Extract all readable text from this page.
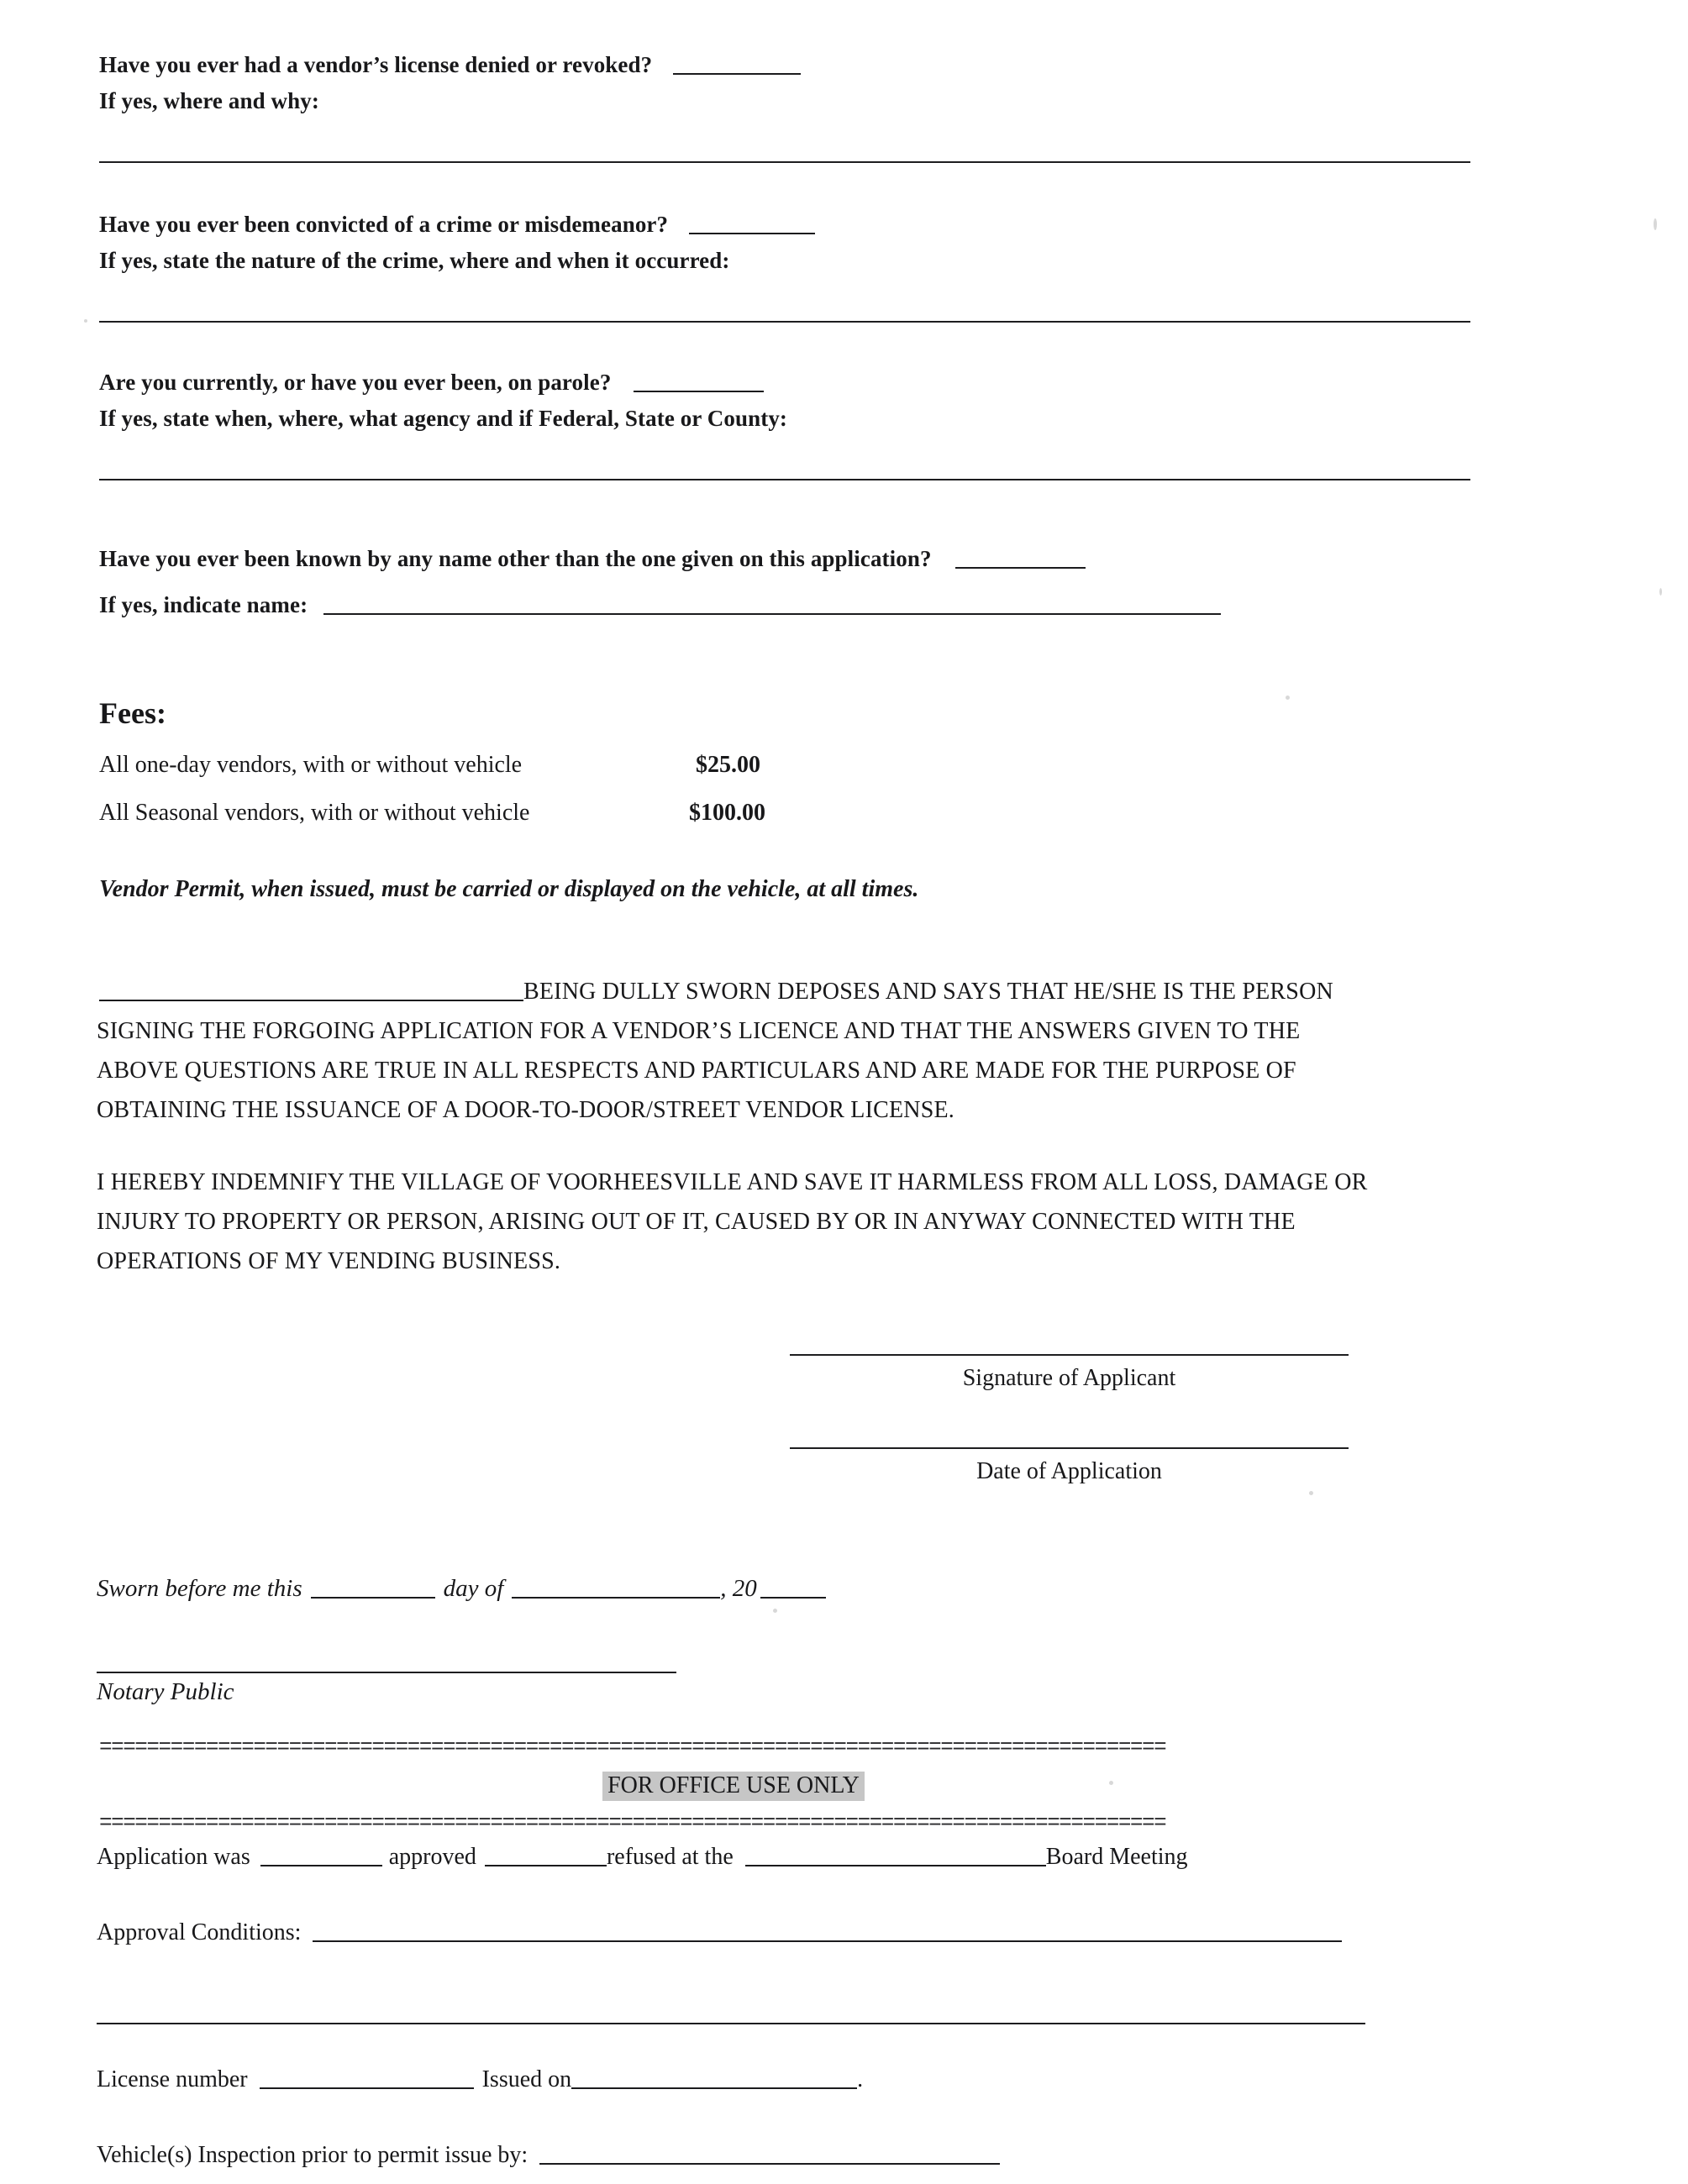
Have you ever had a vendor’s license denied or revoked?
If yes, where and why:
Have you ever been convicted of a crime or misdemeanor?
If yes, state the nature of the crime, where and when it occurred:
Are you currently, or have you ever been, on parole?
If yes, state when, where, what agency and if Federal, State or County:
Have you ever been known by any name other than the one given on this application?
If yes, indicate name:
Fees:
All one-day vendors, with or without vehicle	$25.00
All Seasonal vendors, with or without vehicle	$100.00
Vendor Permit, when issued, must be carried or displayed on the vehicle, at all times.
BEING DULLY SWORN DEPOSES AND SAYS THAT HE/SHE IS THE PERSON
SIGNING THE FORGOING APPLICATION FOR A VENDOR’S LICENCE AND THAT THE ANSWERS GIVEN TO THE
ABOVE QUESTIONS ARE TRUE IN ALL RESPECTS AND PARTICULARS AND ARE MADE FOR THE PURPOSE OF
OBTAINING THE ISSUANCE OF A DOOR-TO-DOOR/STREET VENDOR LICENSE.
I HEREBY INDEMNIFY THE VILLAGE OF VOORHEESVILLE AND SAVE IT HARMLESS FROM ALL LOSS, DAMAGE OR
INJURY TO PROPERTY OR PERSON, ARISING OUT OF IT, CAUSED BY OR IN ANYWAY CONNECTED WITH THE
OPERATIONS OF MY VENDING BUSINESS.
Signature of Applicant
Date of Application
Sworn before me this	day of	, 20
Notary Public
==========================================================================================
FOR OFFICE USE ONLY
==========================================================================================
Application was	approved	refused at the	Board Meeting
Approval Conditions:
License number	Issued on	.
Vehicle(s) Inspection prior to permit issue by:
